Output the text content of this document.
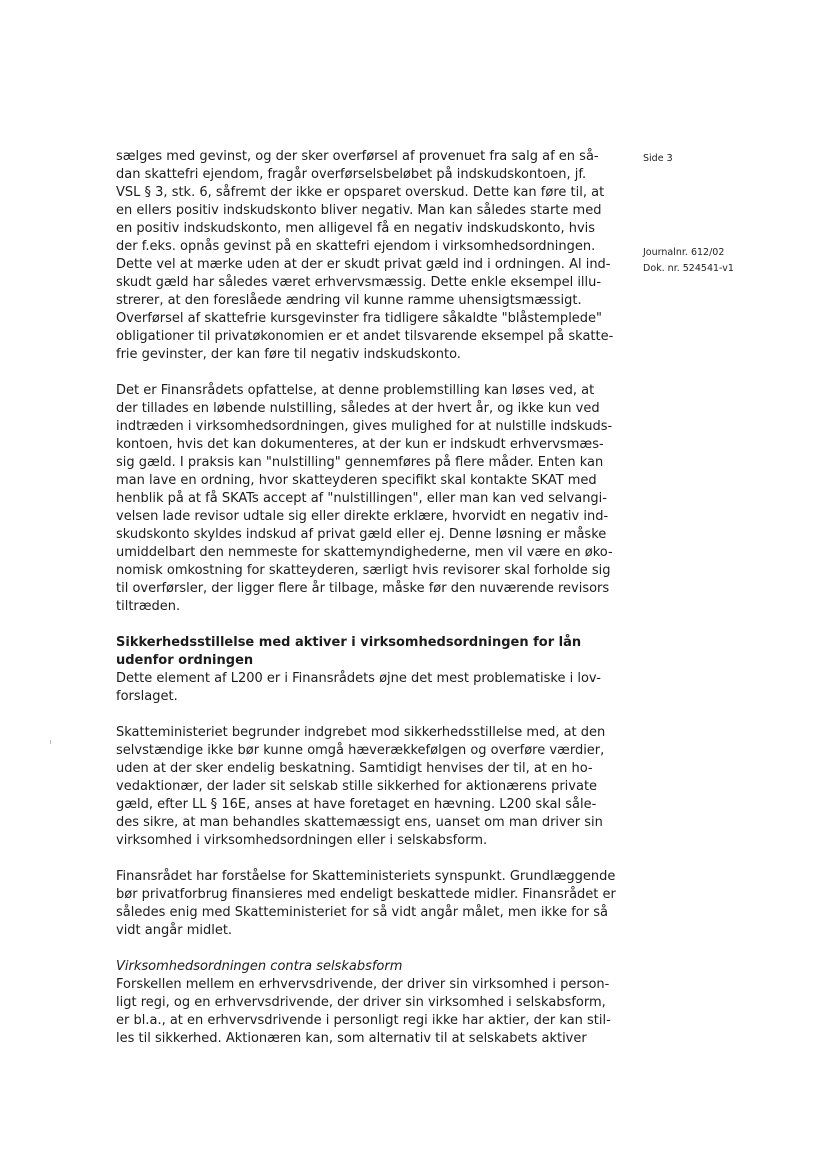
sælges med gevinst, og der sker overførsel af provenuet fra salg af en så-
dan skattefri ejendom, fragår overførselsbeløbet på indskudskontoen, jf.
VSL § 3, stk. 6, såfremt der ikke er opsparet overskud. Dette kan føre til, at
en ellers positiv indskudskonto bliver negativ. Man kan således starte med
en positiv indskudskonto, men alligevel få en negativ indskudskonto, hvis
der f.eks. opnås gevinst på en skattefri ejendom i virksomhedsordningen.
Dette vel at mærke uden at der er skudt privat gæld ind i ordningen. Al ind-
skudt gæld har således været erhvervsmæssig. Dette enkle eksempel illu-
strerer, at den foreslåede ændring vil kunne ramme uhensigtsmæssigt.
Overførsel af skattefrie kursgevinster fra tidligere såkaldte "blåstemplede"
obligationer til privatøkonomien er et andet tilsvarende eksempel på skatte-
frie gevinster, der kan føre til negativ indskudskonto.
Det er Finansrådets opfattelse, at denne problemstilling kan løses ved, at
der tillades en løbende nulstilling, således at der hvert år, og ikke kun ved
indtræden i virksomhedsordningen, gives mulighed for at nulstille indskuds-
kontoen, hvis det kan dokumenteres, at der kun er indskudt erhvervsmæs-
sig gæld. I praksis kan "nulstilling" gennemføres på flere måder. Enten kan
man lave en ordning, hvor skatteyderen specifikt skal kontakte SKAT med
henblik på at få SKATs accept af "nulstillingen", eller man kan ved selvangi-
velsen lade revisor udtale sig eller direkte erklære, hvorvidt en negativ ind-
skudskonto skyldes indskud af privat gæld eller ej. Denne løsning er måske
umiddelbart den nemmeste for skattemyndighederne, men vil være en øko-
nomisk omkostning for skatteyderen, særligt hvis revisorer skal forholde sig
til overførsler, der ligger flere år tilbage, måske før den nuværende revisors
tiltræden.
Sikkerhedsstillelse med aktiver i virksomhedsordningen for lån
udenfor ordningen
Dette element af L200 er i Finansrådets øjne det mest problematiske i lov-
forslaget.
Skatteministeriet begrunder indgrebet mod sikkerhedsstillelse med, at den
selvstændige ikke bør kunne omgå hæverækkefølgen og overføre værdier,
uden at der sker endelig beskatning. Samtidigt henvises der til, at en ho-
vedaktionær, der lader sit selskab stille sikkerhed for aktionærens private
gæld, efter LL § 16E, anses at have foretaget en hævning. L200 skal såle-
des sikre, at man behandles skattemæssigt ens, uanset om man driver sin
virksomhed i virksomhedsordningen eller i selskabsform.
Finansrådet har forståelse for Skatteministeriets synspunkt. Grundlæggende
bør privatforbrug finansieres med endeligt beskattede midler. Finansrådet er
således enig med Skatteministeriet for så vidt angår målet, men ikke for så
vidt angår midlet.
Virksomhedsordningen contra selskabsform
Forskellen mellem en erhvervsdrivende, der driver sin virksomhed i person-
ligt regi, og en erhvervsdrivende, der driver sin virksomhed i selskabsform,
er bl.a., at en erhvervsdrivende i personligt regi ikke har aktier, der kan stil-
les til sikkerhed. Aktionæren kan, som alternativ til at selskabets aktiver
Side 3
Journalnr. 612/02
Dok. nr. 524541-v1
